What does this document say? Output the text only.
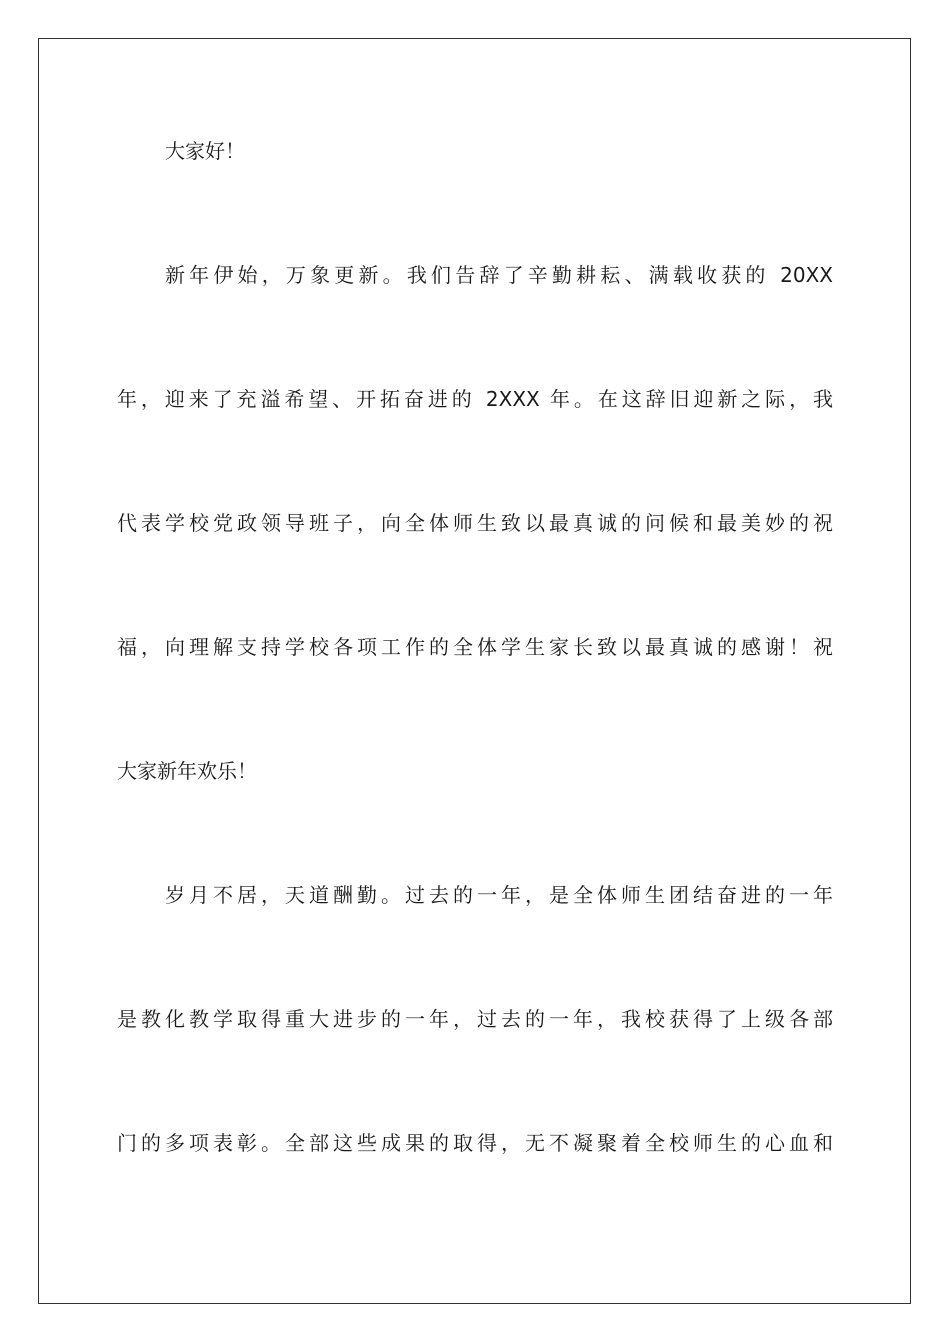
大家好！
新年伊始，万象更新。我们告辞了辛勤耕耘、满载收获的 20XX
年，迎来了充溢希望、开拓奋进的 2XXX 年。在这辞旧迎新之际，我
代表学校党政领导班子，向全体师生致以最真诚的问候和最美妙的祝
福，向理解支持学校各项工作的全体学生家长致以最真诚的感谢！祝
大家新年欢乐！
岁月不居，天道酬勤。过去的一年，是全体师生团结奋进的一年
是教化教学取得重大进步的一年，过去的一年，我校获得了上级各部
门的多项表彰。全部这些成果的取得，无不凝聚着全校师生的心血和
